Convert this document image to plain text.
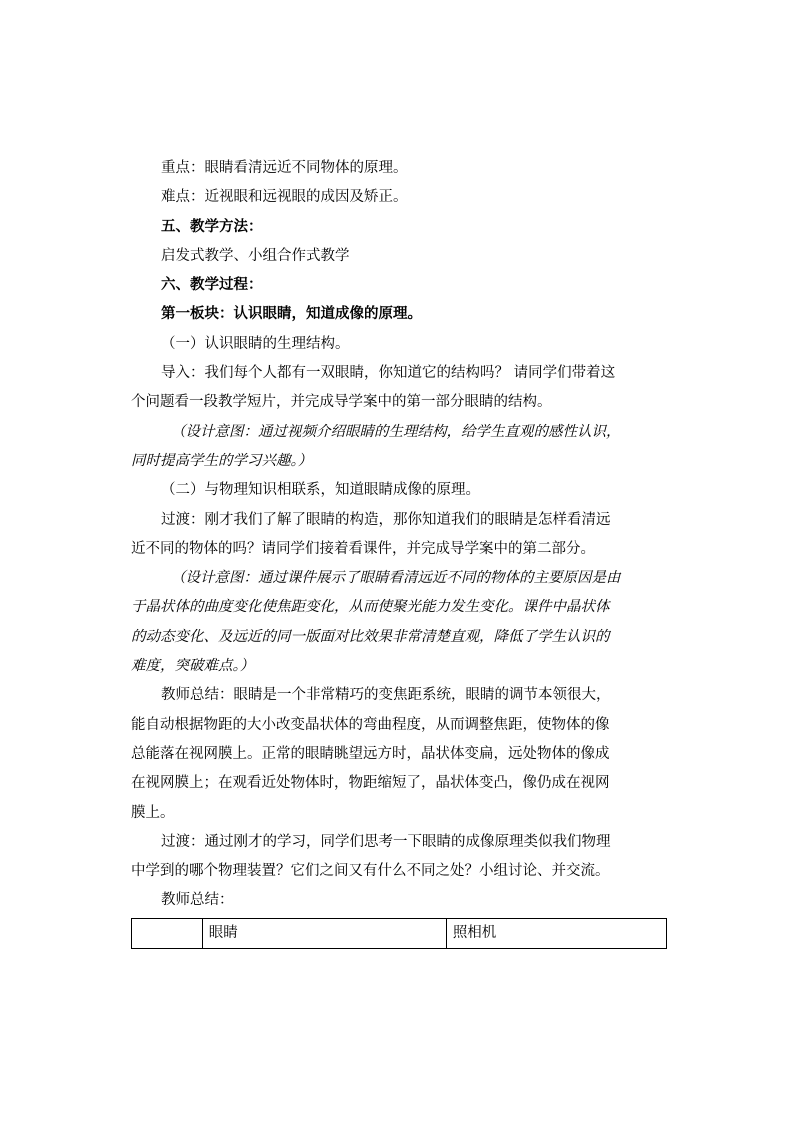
重点：眼睛看清远近不同物体的原理。

难点：近视眼和远视眼的成因及矫正。

五、教学方法：

启发式教学、小组合作式教学

六、教学过程：

第一板块：认识眼睛，知道成像的原理。

（一）认识眼睛的生理结构。

导入：我们每个人都有一双眼睛，你知道它的结构吗？ 请同学们带着这

个问题看一段教学短片，并完成导学案中的第一部分眼睛的结构。

（设计意图：通过视频介绍眼睛的生理结构，给学生直观的感性认识，

同时提高学生的学习兴趣。）

（二）与物理知识相联系，知道眼睛成像的原理。

过渡：刚才我们了解了眼睛的构造，那你知道我们的眼睛是怎样看清远

近不同的物体的吗？请同学们接着看课件，并完成导学案中的第二部分。

（设计意图：通过课件展示了眼睛看清远近不同的物体的主要原因是由

于晶状体的曲度变化使焦距变化，从而使聚光能力发生变化。课件中晶状体

的动态变化、及远近的同一版面对比效果非常清楚直观，降低了学生认识的

难度，突破难点。）

教师总结：眼睛是一个非常精巧的变焦距系统，眼睛的调节本领很大，

能自动根据物距的大小改变晶状体的弯曲程度，从而调整焦距，使物体的像

总能落在视网膜上。正常的眼睛眺望远方时，晶状体变扁，远处物体的像成

在视网膜上；在观看近处物体时，物距缩短了，晶状体变凸，像仍成在视网

膜上。

过渡：通过刚才的学习，同学们思考一下眼睛的成像原理类似我们物理

中学到的哪个物理装置？它们之间又有什么不同之处？小组讨论、并交流。

教师总结：

	眼睛	照相机
